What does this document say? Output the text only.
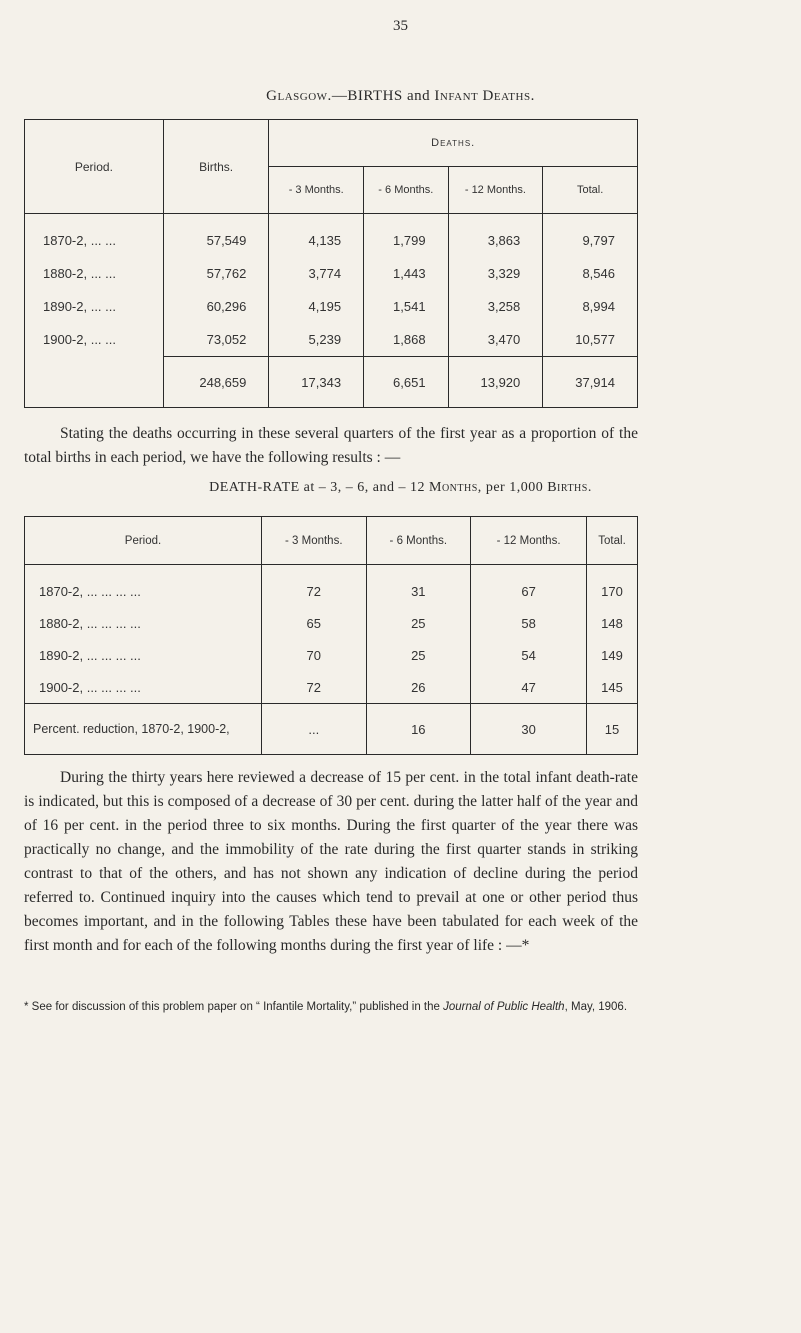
35
Glasgow.—BIRTHS and Infant Deaths.
Period.	Births.	Deaths.			
		- 3 Months.	- 6 Months.	- 12 Months.	Total.
1870-2, ... ...	57,549	4,135	1,799	3,863	9,797
1880-2, ... ...	57,762	3,774	1,443	3,329	8,546
1890-2, ... ...	60,296	4,195	1,541	3,258	8,994
1900-2, ... ...	73,052	5,239	1,868	3,470	10,577
	248,659	17,343	6,651	13,920	37,914
Stating the deaths occurring in these several quarters of the first year as a proportion of the total births in each period, we have the following results : —
DEATH-RATE at – 3, – 6, and – 12 Months, per 1,000 Births.
Period.	- 3 Months.	- 6 Months.	- 12 Months.	Total.
1870-2, ... ... ... ...	72	31	67	170
1880-2, ... ... ... ...	65	25	58	148
1890-2, ... ... ... ...	70	25	54	149
1900-2, ... ... ... ...	72	26	47	145
Percent. reduction, 1870-2, 1900-2,	...	16	30	15
During the thirty years here reviewed a decrease of 15 per cent. in the total infant death-rate is indicated, but this is composed of a decrease of 30 per cent. during the latter half of the year and of 16 per cent. in the period three to six months. During the first quarter of the year there was practically no change, and the immobility of the rate during the first quarter stands in striking contrast to that of the others, and has not shown any indication of decline during the period referred to. Continued inquiry into the causes which tend to prevail at one or other period thus becomes important, and in the following Tables these have been tabulated for each week of the first month and for each of the following months during the first year of life : —*
* See for discussion of this problem paper on “ Infantile Mortality,” published in the Journal of Public Health, May, 1906.
